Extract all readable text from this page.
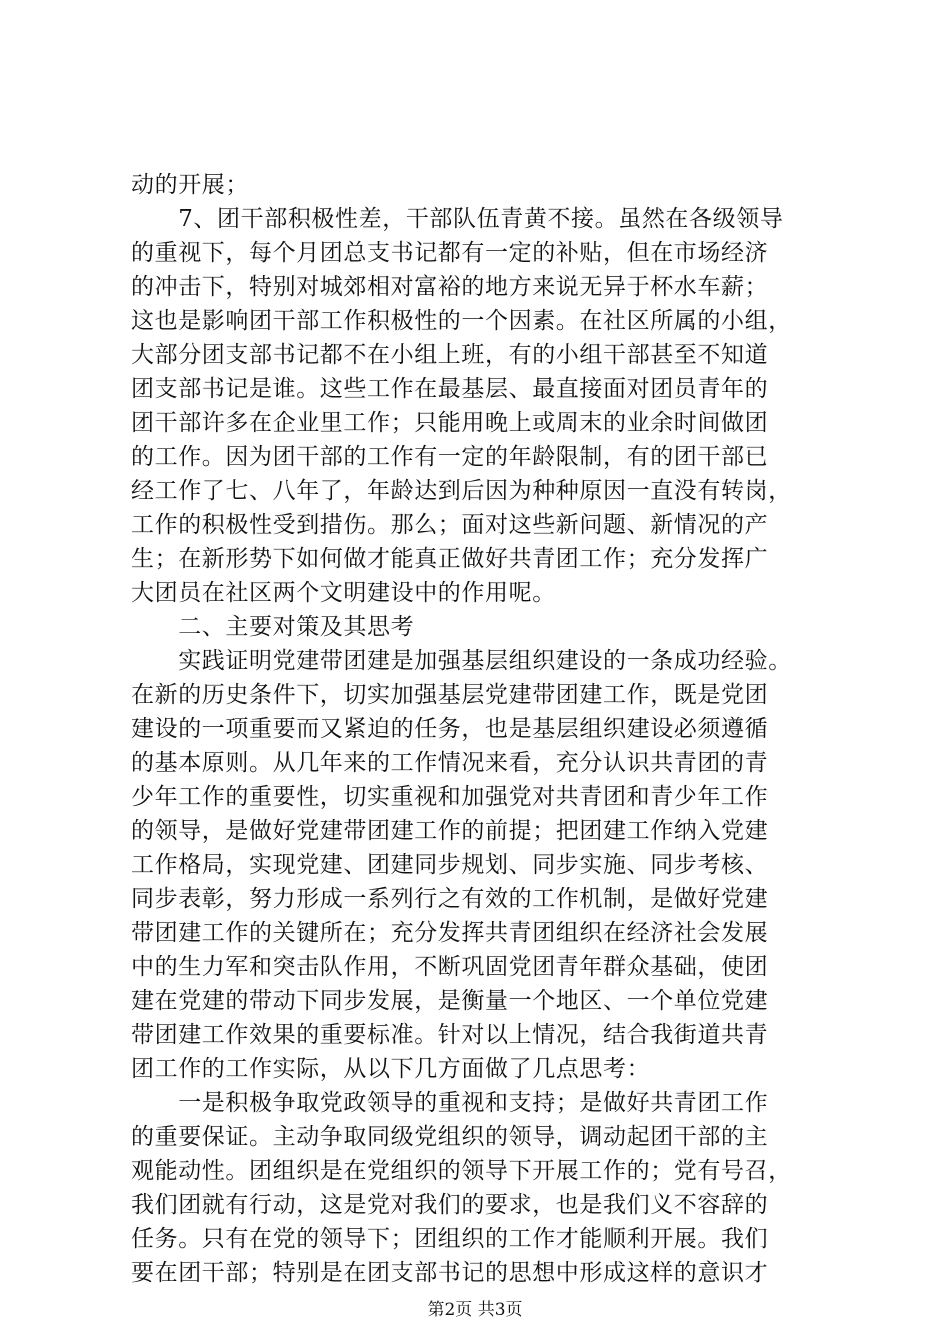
动的开展；
　　7、团干部积极性差，干部队伍青黄不接。虽然在各级领导
的重视下，每个月团总支书记都有一定的补贴，但在市场经济
的冲击下，特别对城郊相对富裕的地方来说无异于杯水车薪；
这也是影响团干部工作积极性的一个因素。在社区所属的小组，
大部分团支部书记都不在小组上班，有的小组干部甚至不知道
团支部书记是谁。这些工作在最基层、最直接面对团员青年的
团干部许多在企业里工作；只能用晚上或周末的业余时间做团
的工作。因为团干部的工作有一定的年龄限制，有的团干部已
经工作了七、八年了，年龄达到后因为种种原因一直没有转岗，
工作的积极性受到措伤。那么；面对这些新问题、新情况的产
生；在新形势下如何做才能真正做好共青团工作；充分发挥广
大团员在社区两个文明建设中的作用呢。
　　二、主要对策及其思考
　　实践证明党建带团建是加强基层组织建设的一条成功经验。
在新的历史条件下，切实加强基层党建带团建工作，既是党团
建设的一项重要而又紧迫的任务，也是基层组织建设必须遵循
的基本原则。从几年来的工作情况来看，充分认识共青团的青
少年工作的重要性，切实重视和加强党对共青团和青少年工作
的领导，是做好党建带团建工作的前提；把团建工作纳入党建
工作格局，实现党建、团建同步规划、同步实施、同步考核、
同步表彰，努力形成一系列行之有效的工作机制，是做好党建
带团建工作的关键所在；充分发挥共青团组织在经济社会发展
中的生力军和突击队作用，不断巩固党团青年群众基础，使团
建在党建的带动下同步发展，是衡量一个地区、一个单位党建
带团建工作效果的重要标准。针对以上情况，结合我街道共青
团工作的工作实际，从以下几方面做了几点思考：
　　一是积极争取党政领导的重视和支持；是做好共青团工作
的重要保证。主动争取同级党组织的领导，调动起团干部的主
观能动性。团组织是在党组织的领导下开展工作的；党有号召，
我们团就有行动，这是党对我们的要求，也是我们义不容辞的
任务。只有在党的领导下；团组织的工作才能顺利开展。我们
要在团干部；特别是在团支部书记的思想中形成这样的意识才
第2页 共3页
